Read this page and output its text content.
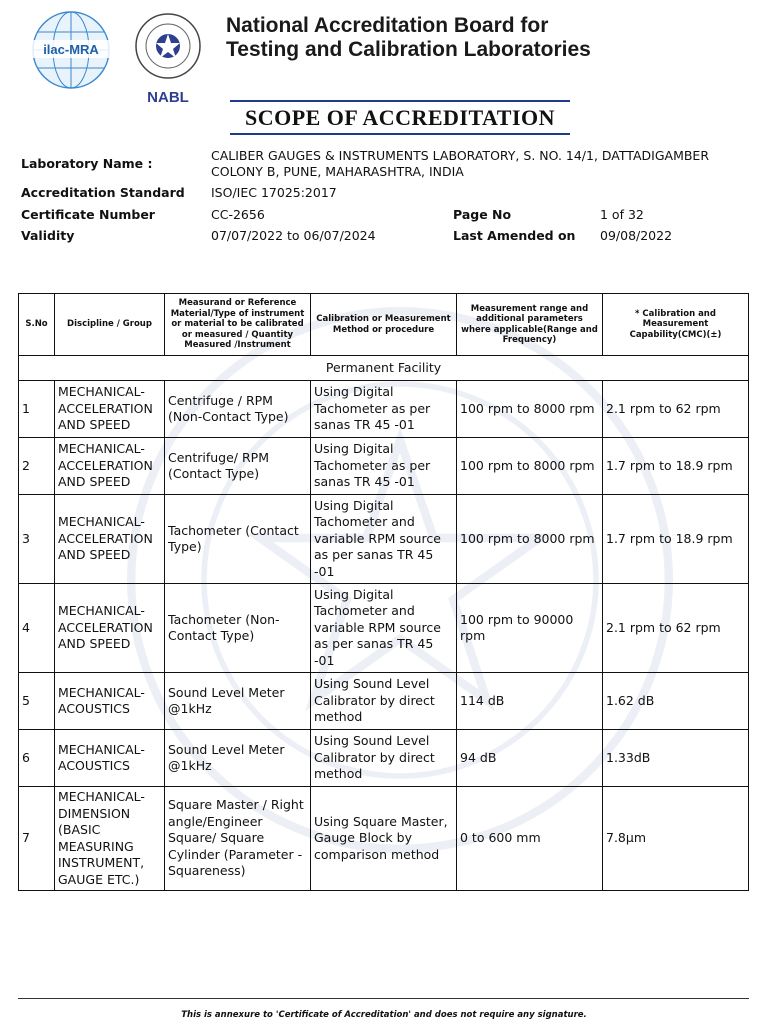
ilac-MRA
NABL
National Accreditation Board for
Testing and Calibration Laboratories
SCOPE OF ACCREDITATION
Laboratory Name :
CALIBER GAUGES & INSTRUMENTS LABORATORY, S. NO. 14/1, DATTADIGAMBER
COLONY B, PUNE, MAHARASHTRA, INDIA
Accreditation Standard ISO/IEC 17025:2017
Certificate Number	CC-2656	Page No	1 of 32
Validity	07/07/2022 to 06/07/2024	Last Amended on 09/08/2022
S.No	Discipline / Group	Measurand or Reference Material/Type of instrument or material to be calibrated or measured / Quantity Measured /Instrument	Calibration or Measurement Method or procedure	Measurement range and additional parameters where applicable(Range and Frequency)	* Calibration and Measurement Capability(CMC)(±)
Permanent Facility					
1	MECHANICAL- ACCELERATION AND SPEED	Centrifuge / RPM (Non-Contact Type)	Using Digital Tachometer as per sanas TR 45 -01	100 rpm to 8000 rpm	2.1 rpm to 62 rpm
2	MECHANICAL- ACCELERATION AND SPEED	Centrifuge/ RPM (Contact Type)	Using Digital Tachometer as per sanas TR 45 -01	100 rpm to 8000 rpm	1.7 rpm to 18.9 rpm
3	MECHANICAL- ACCELERATION AND SPEED	Tachometer (Contact Type)	Using Digital Tachometer and variable RPM source as per sanas TR 45 -01	100 rpm to 8000 rpm	1.7 rpm to 18.9 rpm
4	MECHANICAL- ACCELERATION AND SPEED	Tachometer (Non-Contact Type)	Using Digital Tachometer and variable RPM source as per sanas TR 45 -01	100 rpm to 90000 rpm	2.1 rpm to 62 rpm
5	MECHANICAL- ACOUSTICS	Sound Level Meter @1kHz	Using Sound Level Calibrator by direct method	114 dB	1.62 dB
6	MECHANICAL- ACOUSTICS	Sound Level Meter @1kHz	Using Sound Level Calibrator by direct method	94 dB	1.33dB
7	MECHANICAL- DIMENSION (BASIC MEASURING INSTRUMENT, GAUGE ETC.)	Square Master / Right angle/Engineer Square/ Square Cylinder (Parameter - Squareness)	Using Square Master, Gauge Block by comparison method	0 to 600 mm	7.8µm
This is annexure to 'Certificate of Accreditation' and does not require any signature.
